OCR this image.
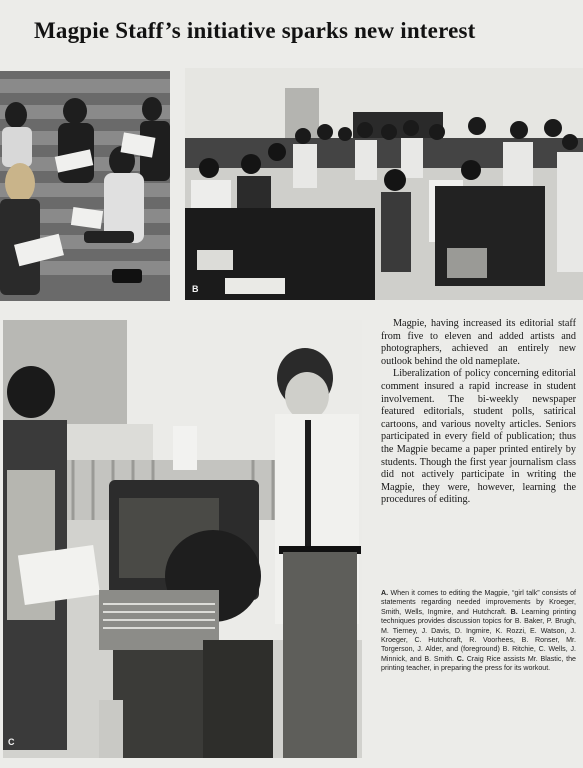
Magpie Staff’s initiative sparks new interest
B
C

Magpie, having increased its editorial staff from five to eleven and added artists and photographers, achieved an entirely new outlook behind the old nameplate.

Liberalization of policy concerning editorial comment insured a rapid increase in student involvement. The bi-weekly newspaper featured editorials, student polls, satirical cartoons, and various novelty articles. Seniors participated in every field of publication; thus the Magpie became a paper printed entirely by students. Though the first year journalism class did not actively participate in writing the Magpie, they were, however, learning the procedures of editing.

A. When it comes to editing the Magpie, “girl talk” consists of statements regarding needed improvements by Kroeger, Smith, Wells, Ingmire, and Hutchcraft. B. Learning printing techniques provides discussion topics for B. Baker, P. Brugh, M. Tierney, J. Davis, D. Ingmire, K. Rozzi, E. Watson, J. Kroeger, C. Hutchcraft, R. Voorhees, B. Ronser, Mr. Torgerson, J. Alder, and (foreground) B. Ritchie, C. Wells, J. Minnick, and B. Smith. C. Craig Rice assists Mr. Blastic, the printing teacher, in preparing the press for its workout.
